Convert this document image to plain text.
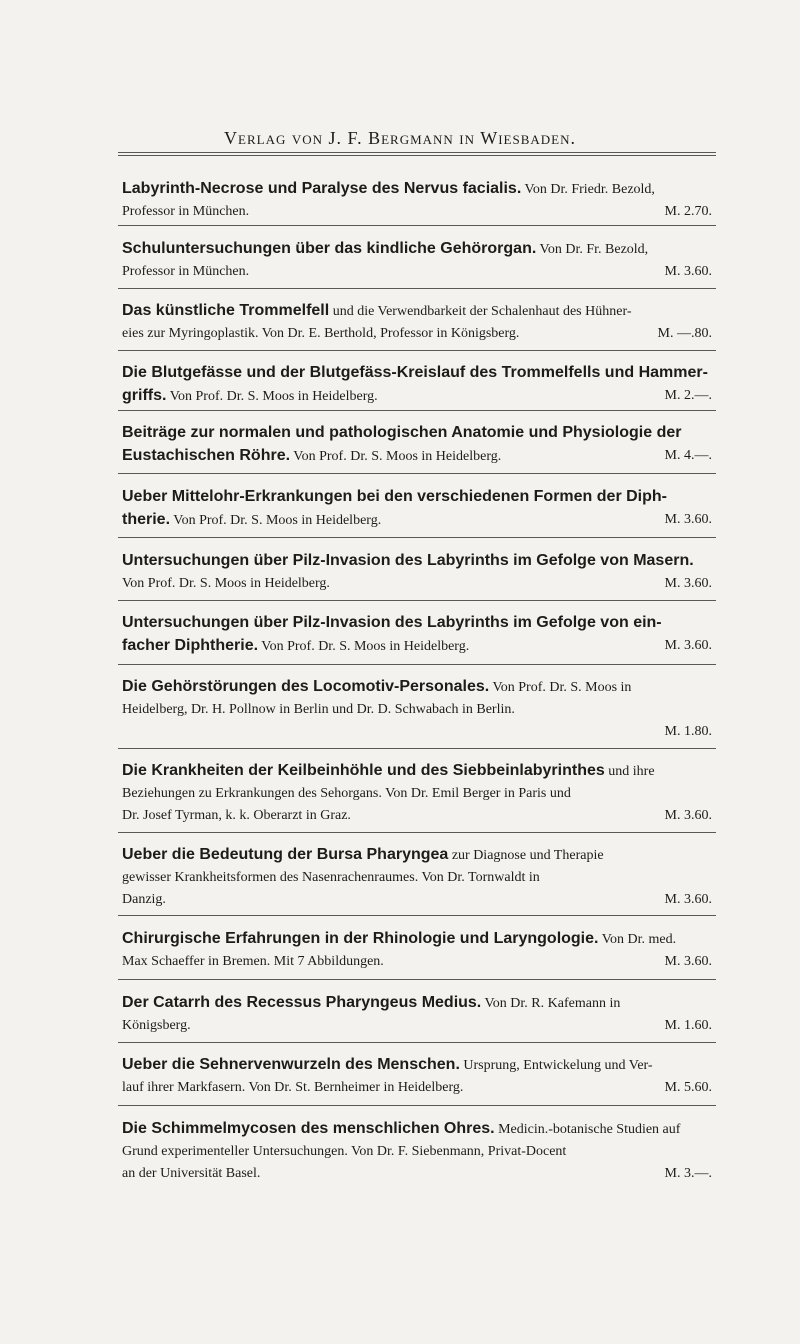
Verlag von J. F. Bergmann in Wiesbaden.
Labyrinth-Necrose und Paralyse des Nervus facialis. Von Dr. Friedr. Bezold,
Professor in München.	M. 2.70.
Schuluntersuchungen über das kindliche Gehörorgan. Von Dr. Fr. Bezold,
Professor in München.	M. 3.60.
Das künstliche Trommelfell und die Verwendbarkeit der Schalenhaut des Hühner-
eies zur Myringoplastik. Von Dr. E. Berthold, Professor in Königsberg.	M. —.80.
Die Blutgefässe und der Blutgefäss-Kreislauf des Trommelfells und Hammer-
griffs. Von Prof. Dr. S. Moos in Heidelberg.	M. 2.—.
Beiträge zur normalen und pathologischen Anatomie und Physiologie der
Eustachischen Röhre. Von Prof. Dr. S. Moos in Heidelberg.	M. 4.—.
Ueber Mittelohr-Erkrankungen bei den verschiedenen Formen der Diph-
therie. Von Prof. Dr. S. Moos in Heidelberg.	M. 3.60.
Untersuchungen über Pilz-Invasion des Labyrinths im Gefolge von Masern.
Von Prof. Dr. S. Moos in Heidelberg.	M. 3.60.
Untersuchungen über Pilz-Invasion des Labyrinths im Gefolge von ein-
facher Diphtherie. Von Prof. Dr. S. Moos in Heidelberg.	M. 3.60.
Die Gehörstörungen des Locomotiv-Personales. Von Prof. Dr. S. Moos in
Heidelberg, Dr. H. Pollnow in Berlin und Dr. D. Schwabach in Berlin.
M. 1.80.
Die Krankheiten der Keilbeinhöhle und des Siebbeinlabyrinthes und ihre
Beziehungen zu Erkrankungen des Sehorgans. Von Dr. Emil Berger in Paris und
Dr. Josef Tyrman, k. k. Oberarzt in Graz.	M. 3.60.
Ueber die Bedeutung der Bursa Pharyngea zur Diagnose und Therapie
gewisser Krankheitsformen des Nasenrachenraumes. Von Dr. Tornwaldt in
Danzig.	M. 3.60.
Chirurgische Erfahrungen in der Rhinologie und Laryngologie. Von Dr. med.
Max Schaeffer in Bremen. Mit 7 Abbildungen.	M. 3.60.
Der Catarrh des Recessus Pharyngeus Medius. Von Dr. R. Kafemann in
Königsberg.	M. 1.60.
Ueber die Sehnervenwurzeln des Menschen. Ursprung, Entwickelung und Ver-
lauf ihrer Markfasern. Von Dr. St. Bernheimer in Heidelberg.	M. 5.60.
Die Schimmelmycosen des menschlichen Ohres. Medicin.-botanische Studien auf
Grund experimenteller Untersuchungen. Von Dr. F. Siebenmann, Privat-Docent
an der Universität Basel.	M. 3.—.
